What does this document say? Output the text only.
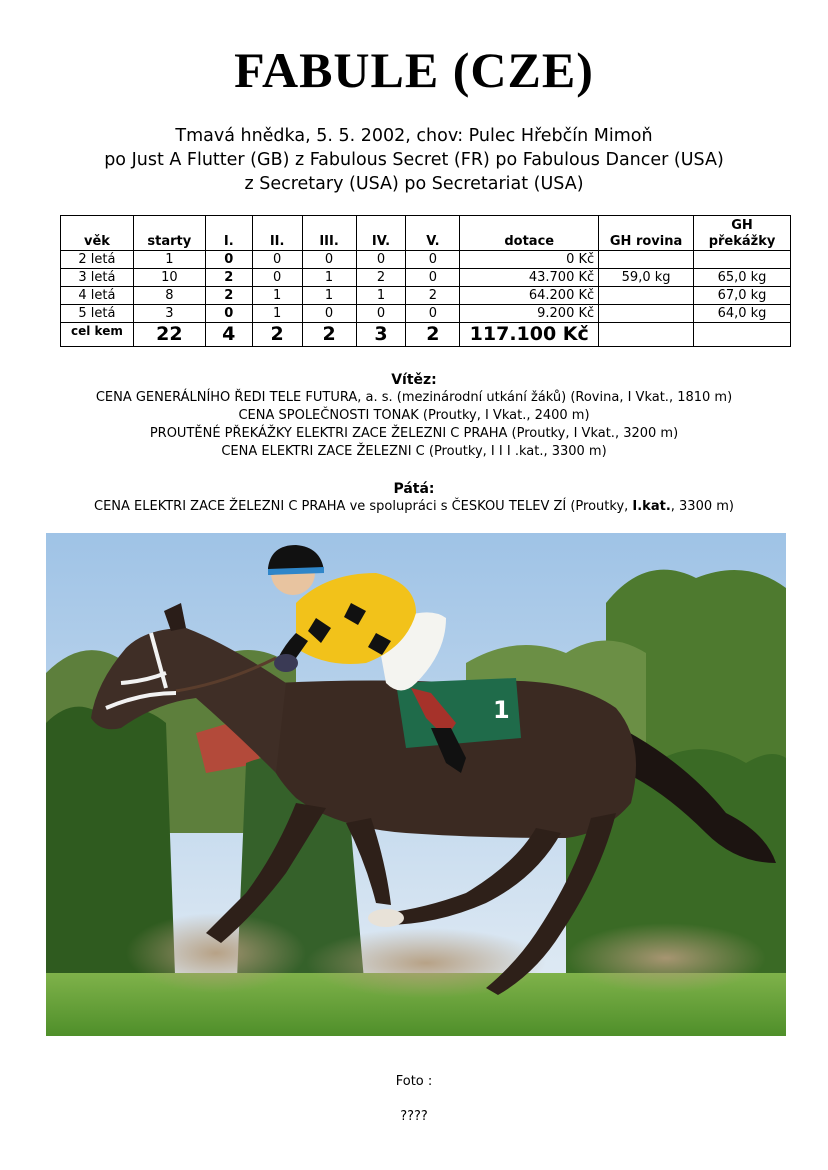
FABULE (CZE)
Tmavá hnědka, 5. 5. 2002, chov: Pulec Hřebčín Mimoň
po Just A Flutter (GB) z Fabulous Secret (FR) po Fabulous Dancer (USA)
z Secretary (USA) po Secretariat (USA)
věk	starty	I.	II.	III.	IV.	V.	dotace	GH rovina	GH překážky
2 letá	1	0	0	0	0	0	0 Kč		
3 letá	10	2	0	1	2	0	43.700 Kč	59,0 kg	65,0 kg
4 letá	8	2	1	1	1	2	64.200 Kč		67,0 kg
5 letá	3	0	1	0	0	0	9.200 Kč		64,0 kg
cel kem	22	4	2	2	3	2	117.100 Kč		
Vítěz:
CENA GENERÁLNÍHO ŘEDI TELE FUTURA, a. s. (mezinárodní utkání žáků) (Rovina, I Vkat., 1810 m)
CENA SPOLEČNOSTI TONAK (Proutky, I Vkat., 2400 m)
PROUTĚNÉ PŘEKÁŽKY ELEKTRI ZACE ŽELEZNI C PRAHA (Proutky, I Vkat., 3200 m)
CENA ELEKTRI ZACE ŽELEZNI C (Proutky, I I I .kat., 3300 m)
Pátá:
CENA ELEKTRI ZACE ŽELEZNI C PRAHA ve spolupráci s ČESKOU TELEV ZÍ (Proutky, I.kat., 3300 m)
1
Foto :
????
